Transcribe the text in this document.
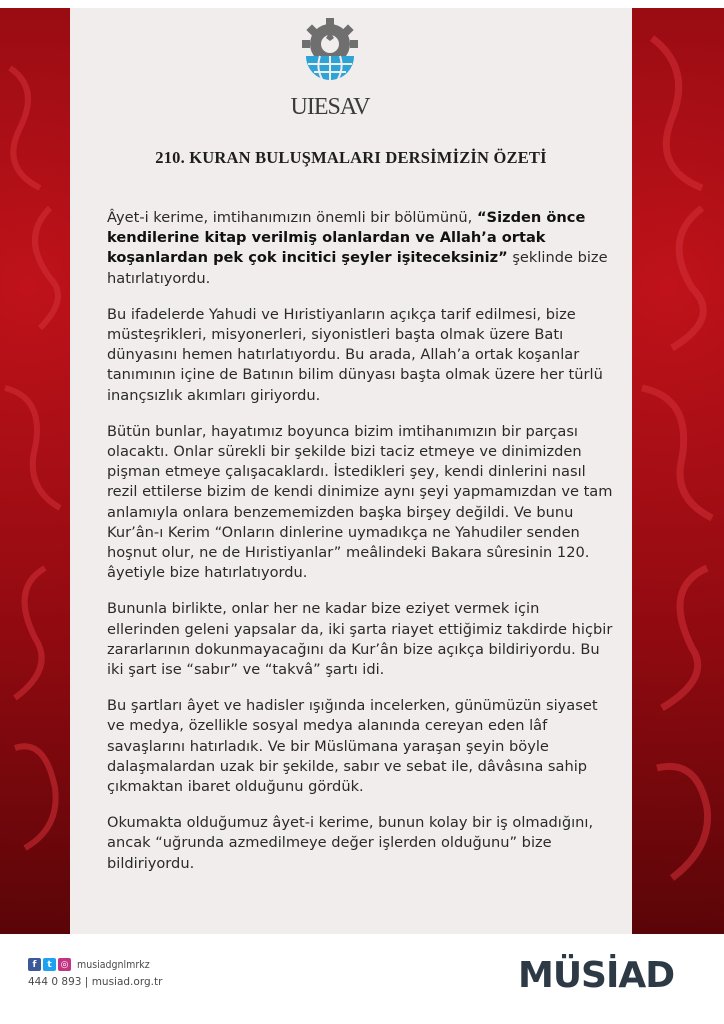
UIESAV
210. KURAN BULUŞMALARI DERSİMİZİN ÖZETİ

Âyet-i kerime, imtihanımızın önemli bir bölümünü, “Sizden önce kendilerine kitap verilmiş olanlardan ve Allah’a ortak koşanlardan pek çok incitici şeyler işiteceksiniz” şeklinde bize hatırlatıyordu.

Bu ifadelerde Yahudi ve Hıristiyanların açıkça tarif edilmesi, bize müsteşrikleri, misyonerleri, siyonistleri başta olmak üzere Batı dünyasını hemen hatırlatıyordu. Bu arada, Allah’a ortak koşanlar tanımının içine de Batının bilim dünyası başta olmak üzere her türlü inançsızlık akımları giriyordu.

Bütün bunlar, hayatımız boyunca bizim imtihanımızın bir parçası olacaktı. Onlar sürekli bir şekilde bizi taciz etmeye ve dinimizden pişman etmeye çalışacaklardı. İstedikleri şey, kendi dinlerini nasıl rezil ettilerse bizim de kendi dinimize aynı şeyi yapmamızdan ve tam anlamıyla onlara benzememizden başka birşey değildi. Ve bunu Kur’ân-ı Kerim “Onların dinlerine uymadıkça ne Yahudiler senden hoşnut olur, ne de Hıristiyanlar” meâlindeki Bakara sûresinin 120. âyetiyle bize hatırlatıyordu.

Bununla birlikte, onlar her ne kadar bize eziyet vermek için ellerinden geleni yapsalar da, iki şarta riayet ettiğimiz takdirde hiçbir zararlarının dokunmayacağını da Kur’ân bize açıkça bildiriyordu. Bu iki şart ise “sabır” ve “takvâ” şartı idi.

Bu şartları âyet ve hadisler ışığında incelerken, günümüzün siyaset ve medya, özellikle sosyal medya alanında cereyan eden lâf savaşlarını hatırladık. Ve bir Müslümana yaraşan şeyin böyle dalaşmalardan uzak bir şekilde, sabır ve sebat ile, dâvâsına sahip çıkmaktan ibaret olduğunu gördük.

Okumakta olduğumuz âyet-i kerime, bunun kolay bir iş olmadığını, ancak “uğrunda azmedilmeye değer işlerden olduğunu” bize bildiriyordu.

f	t ◎ musiadgnlmrkz
444 0 893 | musiad.org.tr	MÜSİAD
